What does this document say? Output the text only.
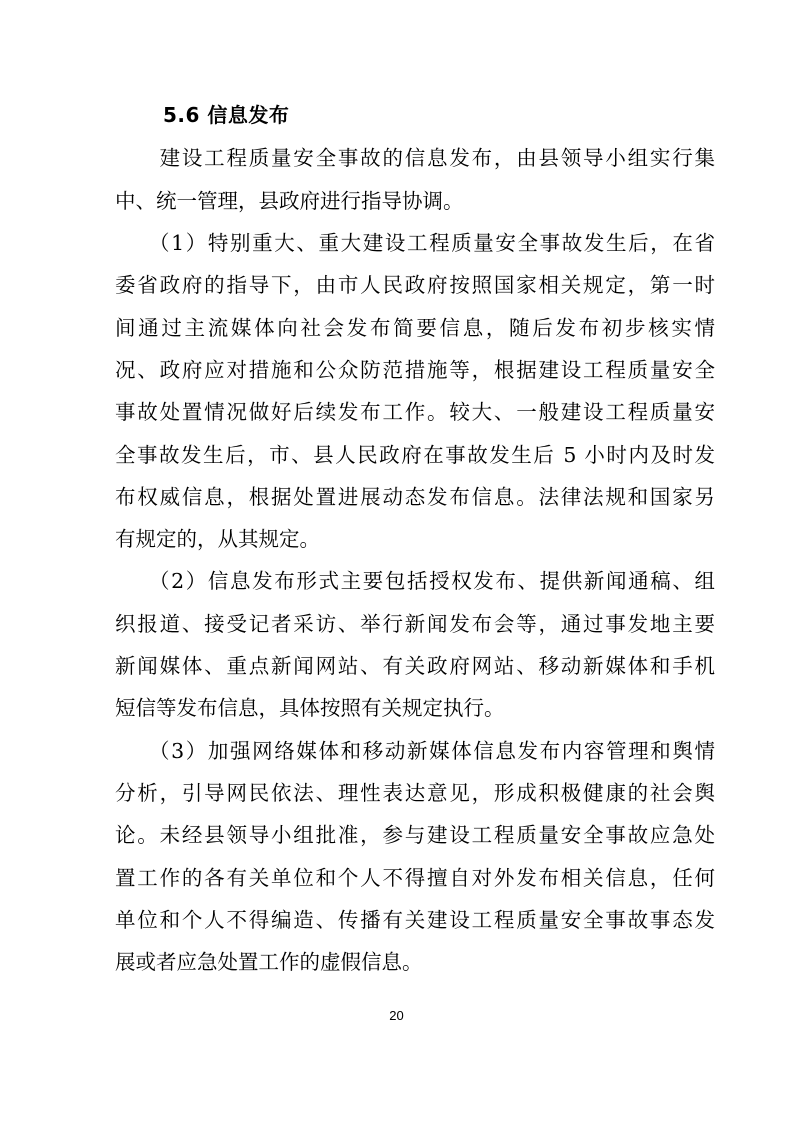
5.6 信息发布
　　建设工程质量安全事故的信息发布，由县领导小组实行集
中、统一管理，县政府进行指导协调。
　　（1）特别重大、重大建设工程质量安全事故发生后，在省
委省政府的指导下，由市人民政府按照国家相关规定，第一时
间通过主流媒体向社会发布简要信息，随后发布初步核实情
况、政府应对措施和公众防范措施等，根据建设工程质量安全
事故处置情况做好后续发布工作。较大、一般建设工程质量安
全事故发生后，市、县人民政府在事故发生后 5 小时内及时发
布权威信息，根据处置进展动态发布信息。法律法规和国家另
有规定的，从其规定。
　　（2）信息发布形式主要包括授权发布、提供新闻通稿、组
织报道、接受记者采访、举行新闻发布会等，通过事发地主要
新闻媒体、重点新闻网站、有关政府网站、移动新媒体和手机
短信等发布信息，具体按照有关规定执行。
　　（3）加强网络媒体和移动新媒体信息发布内容管理和舆情
分析，引导网民依法、理性表达意见，形成积极健康的社会舆
论。未经县领导小组批准，参与建设工程质量安全事故应急处
置工作的各有关单位和个人不得擅自对外发布相关信息，任何
单位和个人不得编造、传播有关建设工程质量安全事故事态发
展或者应急处置工作的虚假信息。
20
